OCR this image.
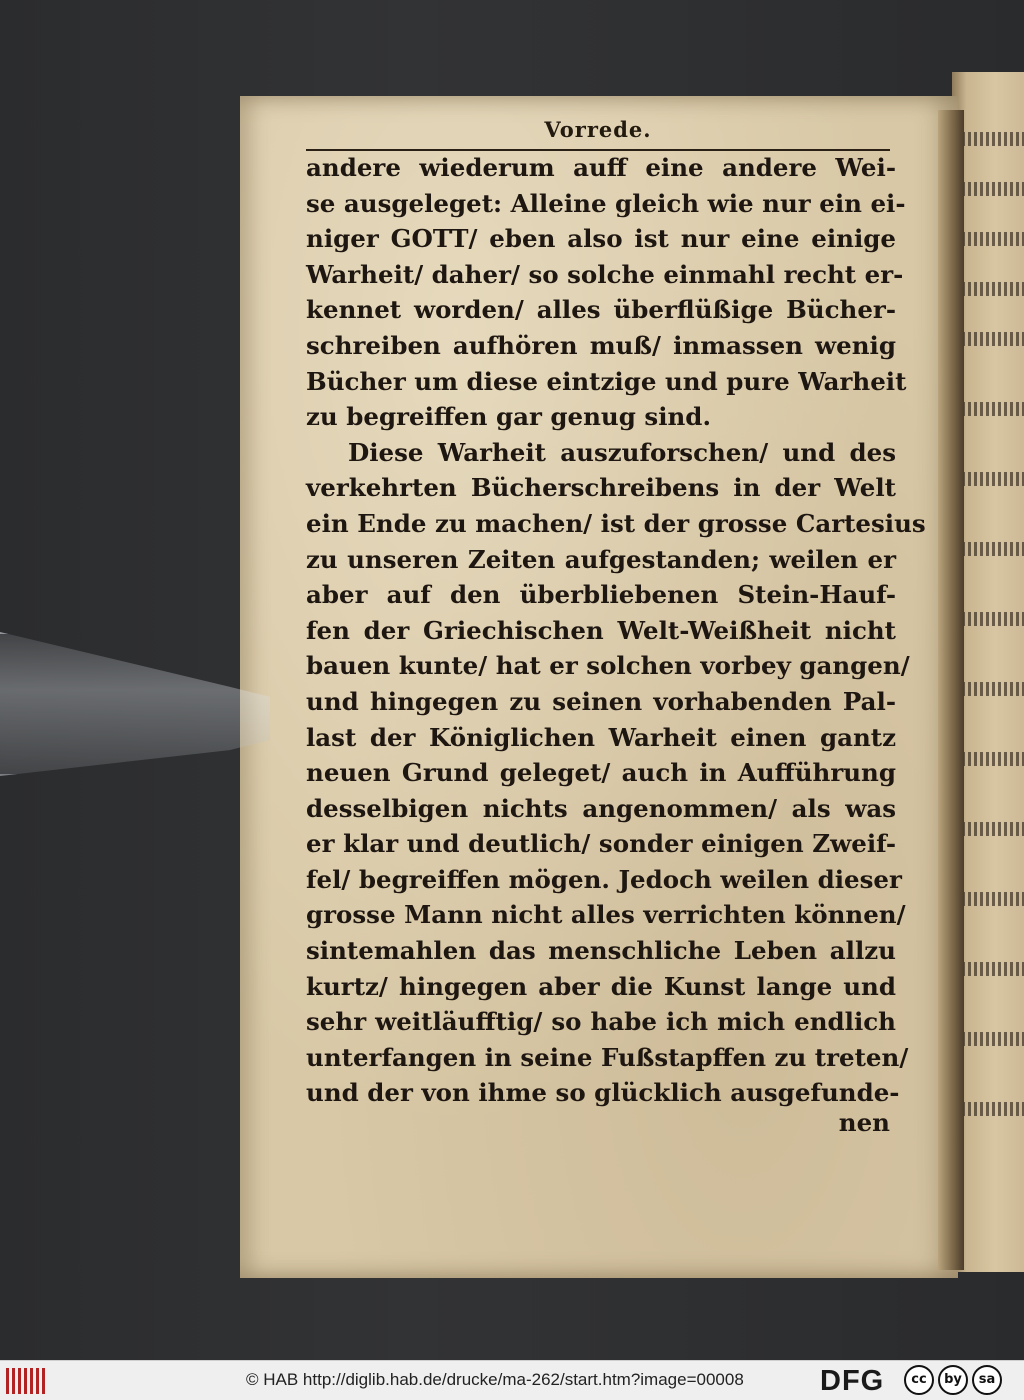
Vorrede.
andere wiederum auff eine andere Wei-
se ausgeleget: Alleine gleich wie nur ein ei-
niger GOTT/ eben also ist nur eine einige
Warheit/ daher/ so solche einmahl recht er-
kennet worden/ alles überflüßige Bücher-
schreiben aufhören muß/ inmassen wenig
Bücher um diese eintzige und pure Warheit
zu begreiffen gar genug sind.
Diese Warheit auszuforschen/ und des
verkehrten Bücherschreibens in der Welt
ein Ende zu machen/ ist der grosse Cartesius
zu unseren Zeiten aufgestanden; weilen er
aber auf den überbliebenen Stein-Hauf-
fen der Griechischen Welt-Weißheit nicht
bauen kunte/ hat er solchen vorbey gangen/
und hingegen zu seinen vorhabenden Pal-
last der Königlichen Warheit einen gantz
neuen Grund geleget/ auch in Aufführung
desselbigen nichts angenommen/ als was
er klar und deutlich/ sonder einigen Zweif-
fel/ begreiffen mögen. Jedoch weilen dieser
grosse Mann nicht alles verrichten können/
sintemahlen das menschliche Leben allzu
kurtz/ hingegen aber die Kunst lange und
sehr weitläufftig/ so habe ich mich endlich
unterfangen in seine Fußstapffen zu treten/
und der von ihme so glücklich ausgefunde-
nen
© HAB http://diglib.hab.de/drucke/ma-262/start.htm?image=00008	DFG	cc	by	sa
